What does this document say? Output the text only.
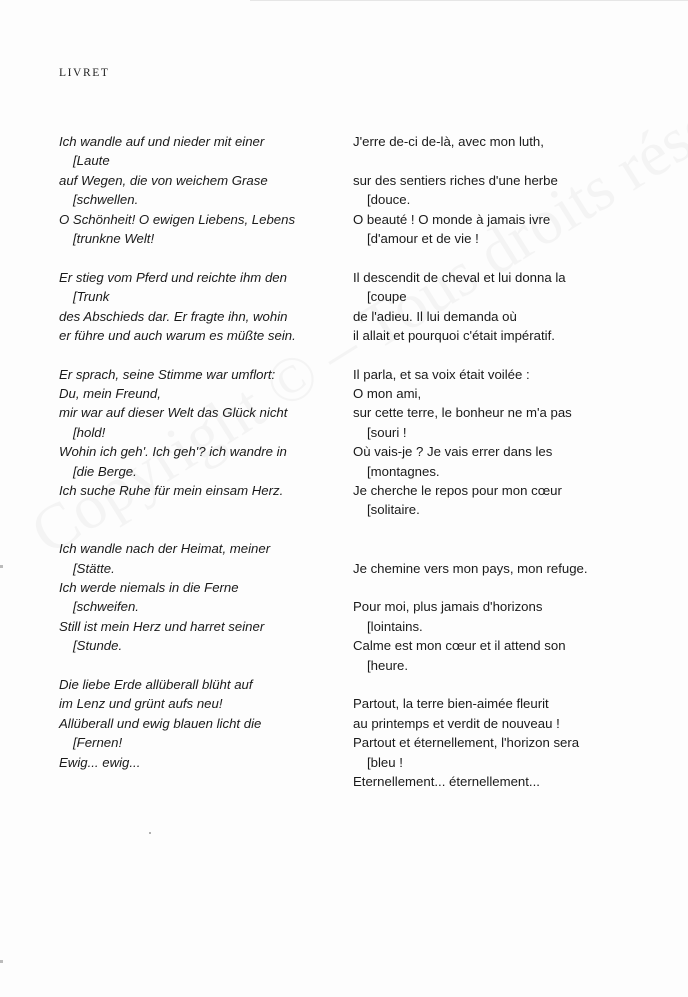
LIVRET
Ich wandle auf und nieder mit einer
[Laute
auf Wegen, die von weichem Grase
[schwellen.
O Schönheit! O ewigen Liebens, Lebens
[trunkne Welt!
Er stieg vom Pferd und reichte ihm den
[Trunk
des Abschieds dar. Er fragte ihn, wohin
er führe und auch warum es müßte sein.
Er sprach, seine Stimme war umflort:
Du, mein Freund,
mir war auf dieser Welt das Glück nicht
[hold!
Wohin ich geh'. Ich geh'? ich wandre in
[die Berge.
Ich suche Ruhe für mein einsam Herz.
Ich wandle nach der Heimat, meiner
[Stätte.
Ich werde niemals in die Ferne
[schweifen.
Still ist mein Herz und harret seiner
[Stunde.
Die liebe Erde allüberall blüht auf
im Lenz und grünt aufs neu!
Allüberall und ewig blauen licht die
[Fernen!
Ewig... ewig...
J'erre de-ci de-là, avec mon luth,
sur des sentiers riches d'une herbe
[douce.
O beauté ! O monde à jamais ivre
[d'amour et de vie !
Il descendit de cheval et lui donna la
[coupe
de l'adieu. Il lui demanda où
il allait et pourquoi c'était impératif.
Il parla, et sa voix était voilée :
O mon ami,
sur cette terre, le bonheur ne m'a pas
[souri !
Où vais-je ? Je vais errer dans les
[montagnes.
Je cherche le repos pour mon cœur
[solitaire.
Je chemine vers mon pays, mon refuge.
Pour moi, plus jamais d'horizons
[lointains.
Calme est mon cœur et il attend son
[heure.
Partout, la terre bien-aimée fleurit
au printemps et verdit de nouveau !
Partout et éternellement, l'horizon sera
[bleu !
Eternellement... éternellement...
